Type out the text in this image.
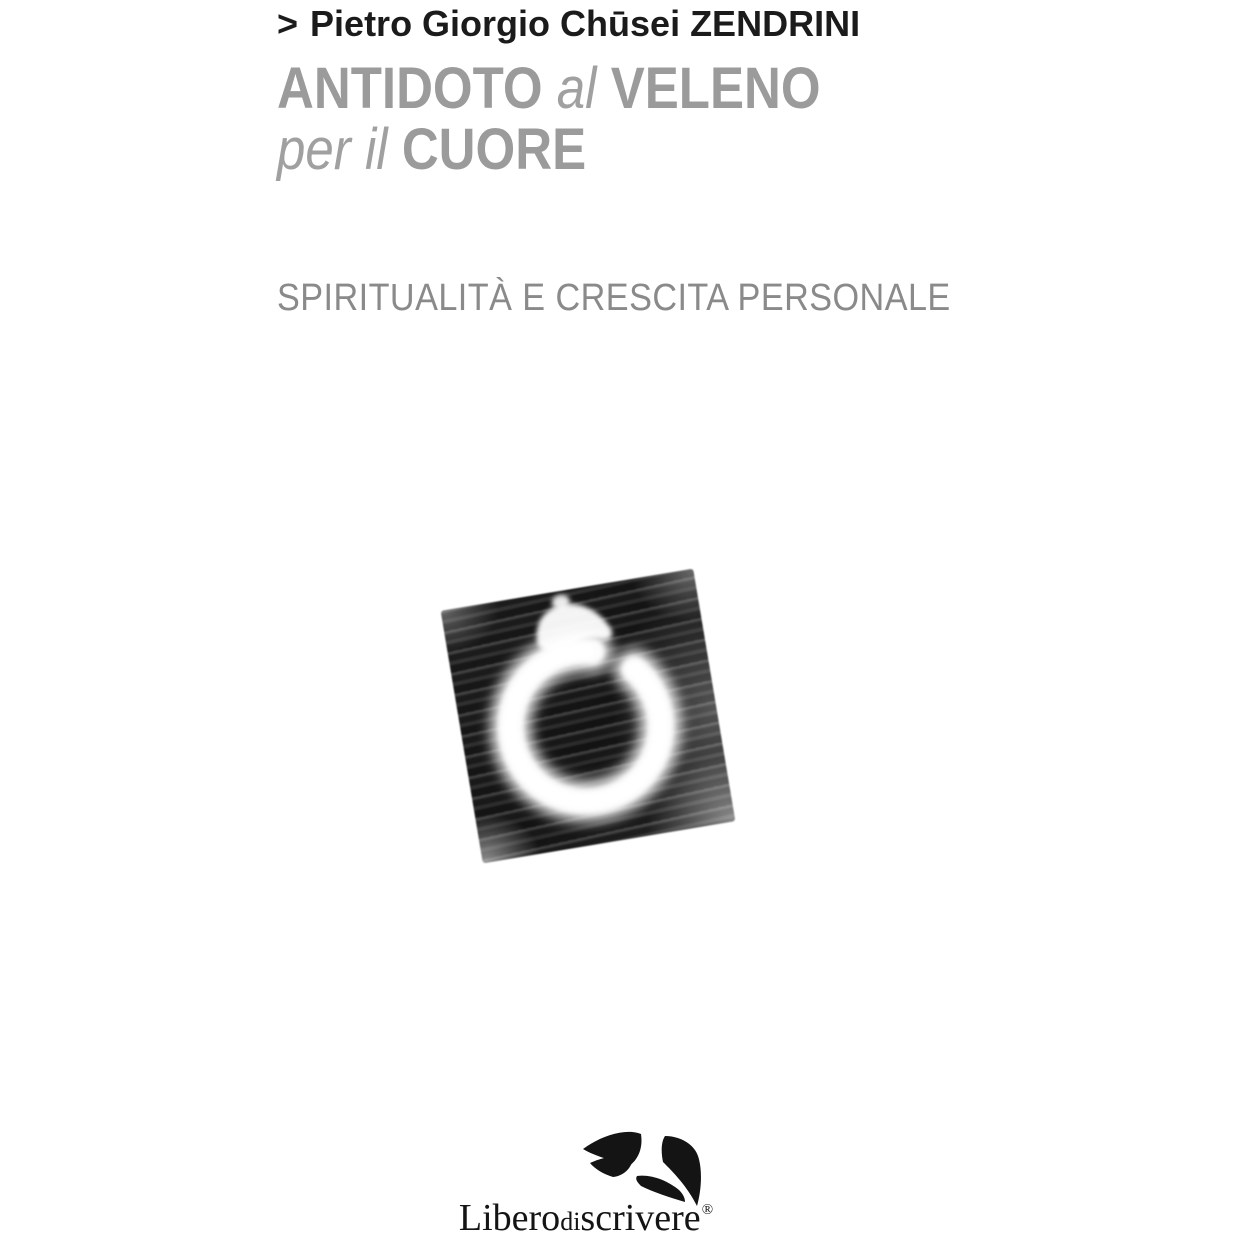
> Pietro Giorgio Chūsei ZENDRINI
ANTIDOTO al VELENO
per il CUORE
SPIRITUALITÀ E CRESCITA PERSONALE
Liberodiscrivere®
